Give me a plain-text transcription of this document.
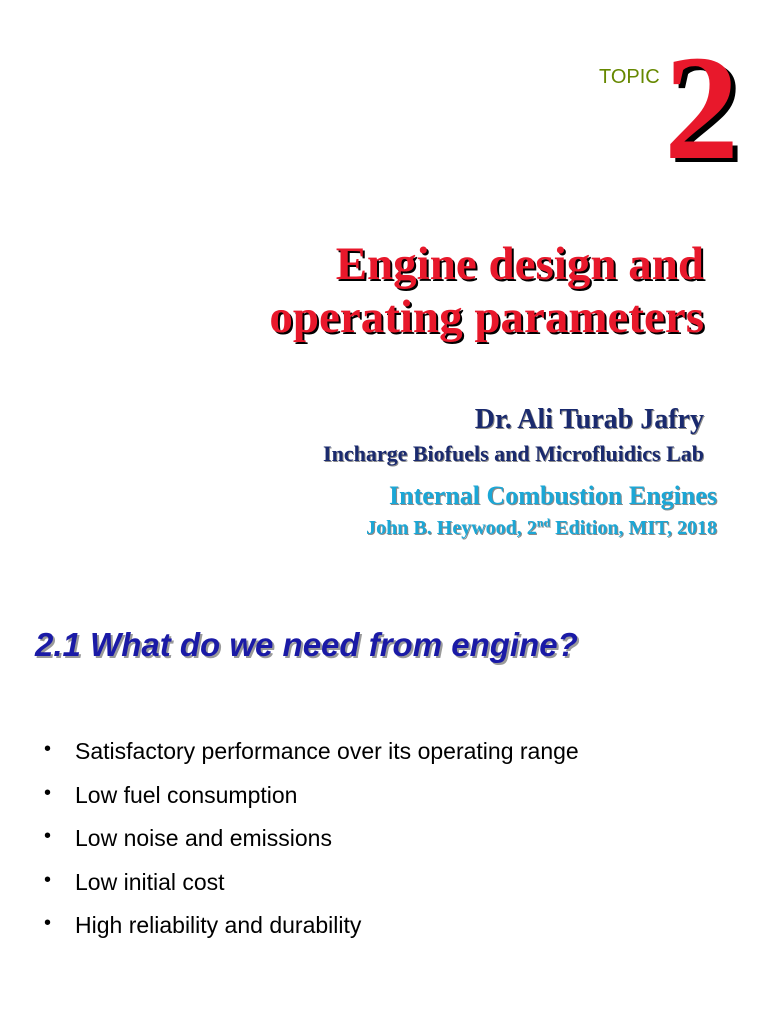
TOPIC 2
Engine design and
operating parameters
Dr. Ali Turab Jafry
Incharge Biofuels and Microfluidics Lab
Internal Combustion Engines
John B. Heywood, 2nd Edition, MIT, 2018
2.1 What do we need from engine?
• Satisfactory performance over its operating range
• Low fuel consumption
• Low noise and emissions
• Low initial cost
• High reliability and durability
